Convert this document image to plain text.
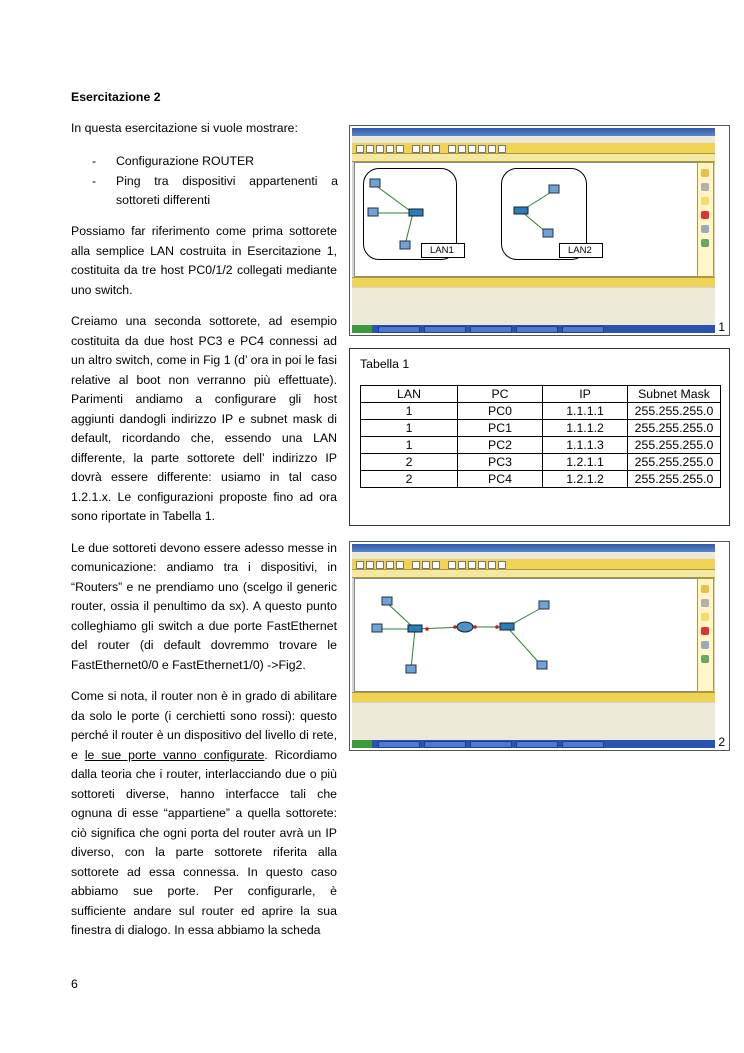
Esercitazione 2
In questa esercitazione si vuole mostrare:
-	Configurazione ROUTER
-	Ping tra dispositivi appartenenti a sottoreti differenti

Possiamo far riferimento come prima sottorete alla semplice LAN costruita in Esercitazione 1, costituita da tre host PC0/1/2 collegati mediante uno switch.

Creiamo una seconda sottorete, ad esempio costituita da due host PC3 e PC4 connessi ad un altro switch, come in Fig 1 (d’ ora in poi le fasi relative al boot non verranno più effettuate). Parimenti andiamo a configurare gli host aggiunti dandogli indirizzo IP e subnet mask di default, ricordando che, essendo una LAN differente, la parte sottorete dell’ indirizzo IP dovrà essere differente: usiamo in tal caso 1.2.1.x. Le configurazioni proposte fino ad ora sono riportate in Tabella 1.

Le due sottoreti devono essere adesso messe in comunicazione: andiamo tra i dispositivi, in “Routers” e ne prendiamo uno (scelgo il generic router, ossia il penultimo da sx). A questo punto colleghiamo gli switch a due porte FastEthernet del router (di default dovremmo trovare le FastEthernet0/0 e FastEthernet1/0) ->Fig2.

Come si nota, il router non è in grado di abilitare da solo le porte (i cerchietti sono rossi): questo perché il router è un dispositivo del livello di rete, e le sue porte vanno configurate. Ricordiamo dalla teoria che i router, interlacciando due o più sottoreti diverse, hanno interfacce tali che ognuna di esse “appartiene” a quella sottorete: ciò significa che ogni porta del router avrà un IP diverso, con la parte sottorete riferita alla sottorete ad essa connessa. In questo caso abbiamo sue porte. Per configurarle, è sufficiente andare sul router ed aprire la sua finestra di dialogo. In essa abbiamo la scheda

6
LAN1	LAN2
1
Tabella 1
LAN	PC	IP	Subnet Mask
1	PC0	1.1.1.1	255.255.255.0
1	PC1	1.1.1.2	255.255.255.0
1	PC2	1.1.1.3	255.255.255.0
2	PC3	1.2.1.1	255.255.255.0
2	PC4	1.2.1.2	255.255.255.0
2
